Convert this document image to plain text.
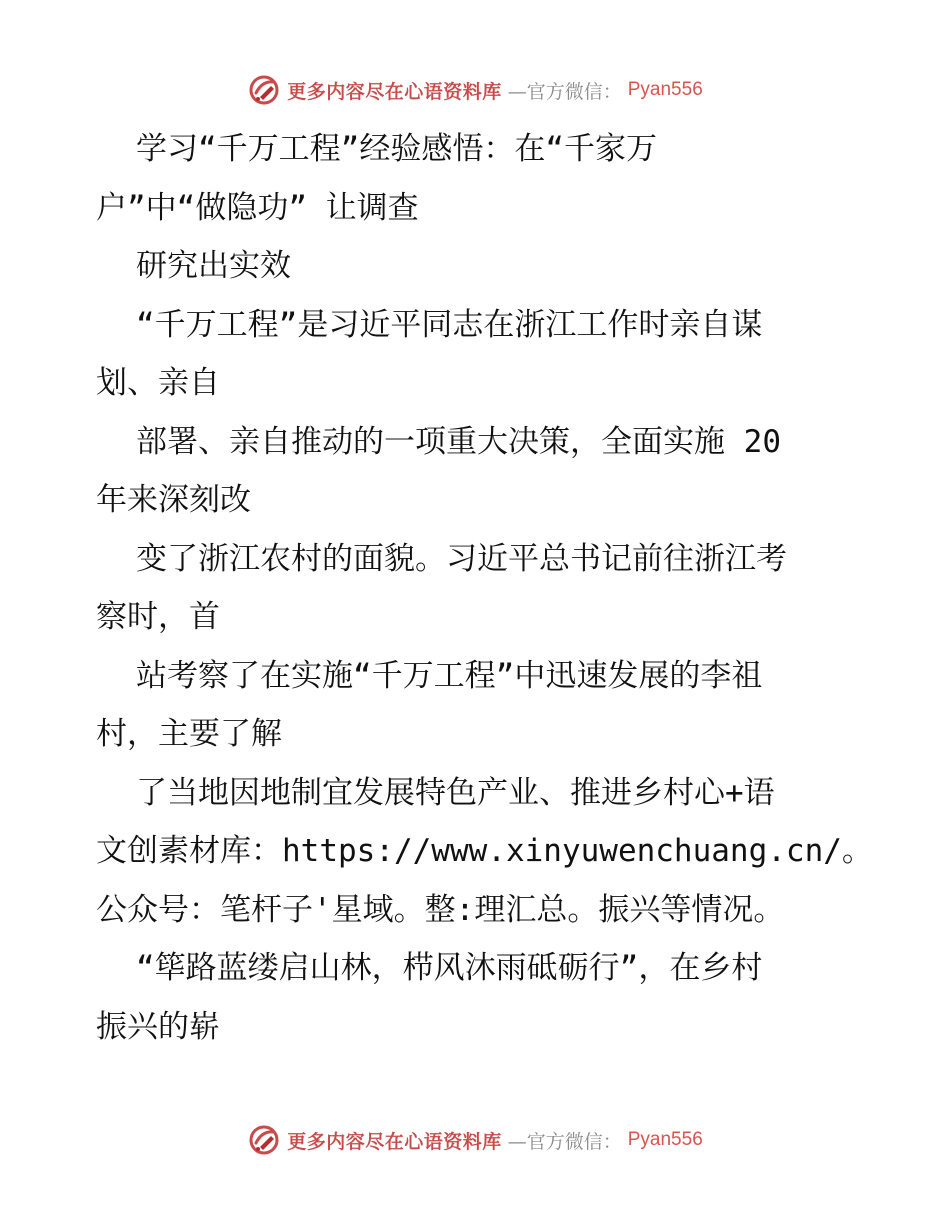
更多内容尽在心语资料库 —官方微信： Pyan556
学习“千万工程”经验感悟：在“千家万
户”中“做隐功” 让调查
研究出实效
“千万工程”是习近平同志在浙江工作时亲自谋
划、亲自
部署、亲自推动的一项重大决策，全面实施 20
年来深刻改
变了浙江农村的面貌。习近平总书记前往浙江考
察时，首
站考察了在实施“千万工程”中迅速发展的李祖
村，主要了解
了当地因地制宜发展特色产业、推进乡村心+语
文创素材库：https://www.xinyuwenchuang.cn/。
公众号：笔杆子'星域。整:理汇总。振兴等情况。
“筚路蓝缕启山林，栉风沐雨砥砺行”，在乡村
振兴的崭
更多内容尽在心语资料库 —官方微信： Pyan556
